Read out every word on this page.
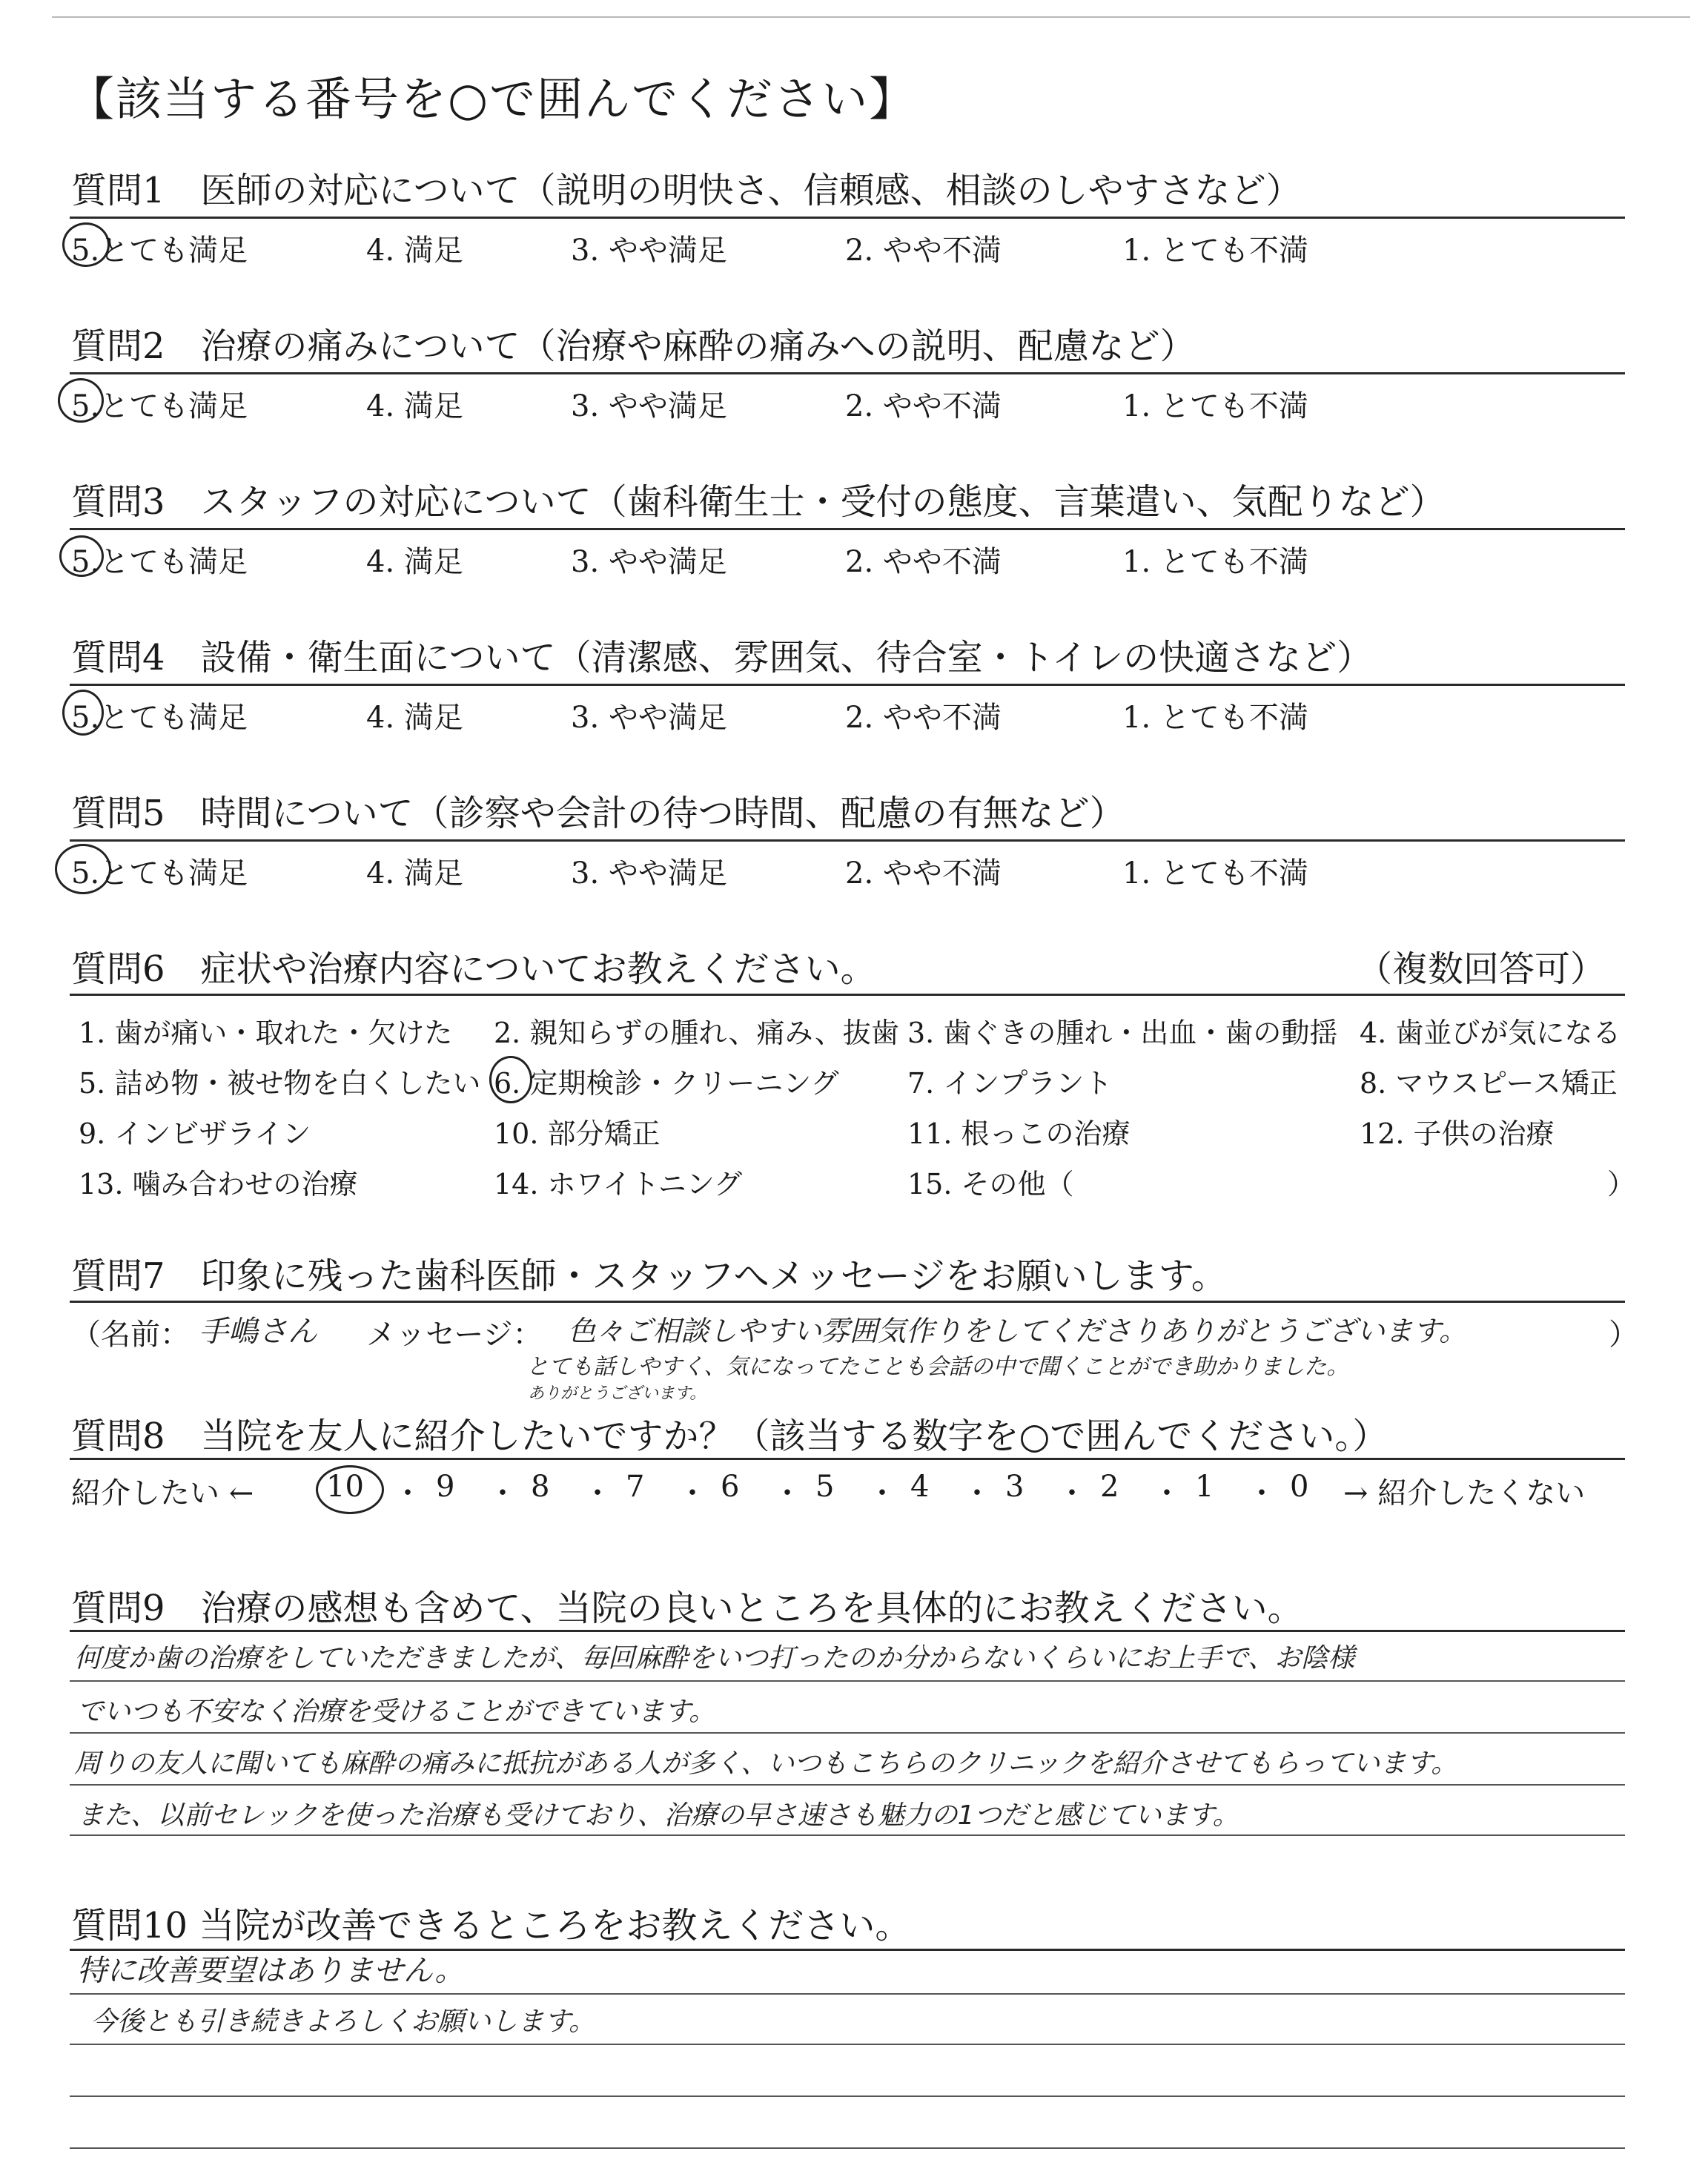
【該当する番号を○で囲んでください】
質問1　医師の対応について（説明の明快さ、信頼感、相談のしやすさなど）
5.とても満足	4. 満足	3. やや満足	2. やや不満	1. とても不満
質問2　治療の痛みについて（治療や麻酔の痛みへの説明、配慮など）
5.とても満足	4. 満足	3. やや満足	2. やや不満	1. とても不満
質問3　スタッフの対応について（歯科衛生士・受付の態度、言葉遣い、気配りなど）
5.とても満足	4. 満足	3. やや満足	2. やや不満	1. とても不満
質問4　設備・衛生面について（清潔感、雰囲気、待合室・トイレの快適さなど）
5.とても満足	4. 満足	3. やや満足	2. やや不満	1. とても不満
質問5　時間について（診察や会計の待つ時間、配慮の有無など）
5.とても満足	4. 満足	3. やや満足	2. やや不満	1. とても不満
質問6　症状や治療内容についてお教えください。	（複数回答可）
1. 歯が痛い・取れた・欠けた 2. 親知らずの腫れ、痛み、抜歯 3. 歯ぐきの腫れ・出血・歯の動揺 4. 歯並びが気になる
5. 詰め物・被せ物を白くしたい 6. 定期検診・クリーニング 7. インプラント	8. マウスピース矯正
9. インビザライン	10. 部分矯正	11. 根っこの治療	12. 子供の治療
13. 噛み合わせの治療	14. ホワイトニング	15. その他（	）
質問7　印象に残った歯科医師・スタッフへメッセージをお願いします。
（名前： 手嶋さん メッセージ： 色々ご相談しやすい雰囲気作りをしてくださりありがとうございます。	）
とても話しやすく、気になってたことも会話の中で聞くことができ助かりました。
ありがとうございます。
質問8　当院を友人に紹介したいですか？（該当する数字を○で囲んでください。）
紹介したい ← 10 ・ 9 ・ 8 ・ 7 ・ 6 ・ 5 ・ 4 ・ 3 ・ 2 ・ 1 ・ 0 → 紹介したくない
質問9　治療の感想も含めて、当院の良いところを具体的にお教えください。
何度か歯の治療をしていただきましたが、毎回麻酔をいつ打ったのか分からないくらいにお上手で、お陰様
でいつも不安なく治療を受けることができています。
周りの友人に聞いても麻酔の痛みに抵抗がある人が多く、いつもこちらのクリニックを紹介させてもらっています。
また、以前セレックを使った治療も受けており、治療の早さ速さも魅力の1つだと感じています。
質問10 当院が改善できるところをお教えください。
特に改善要望はありません。
今後とも引き続きよろしくお願いします。
